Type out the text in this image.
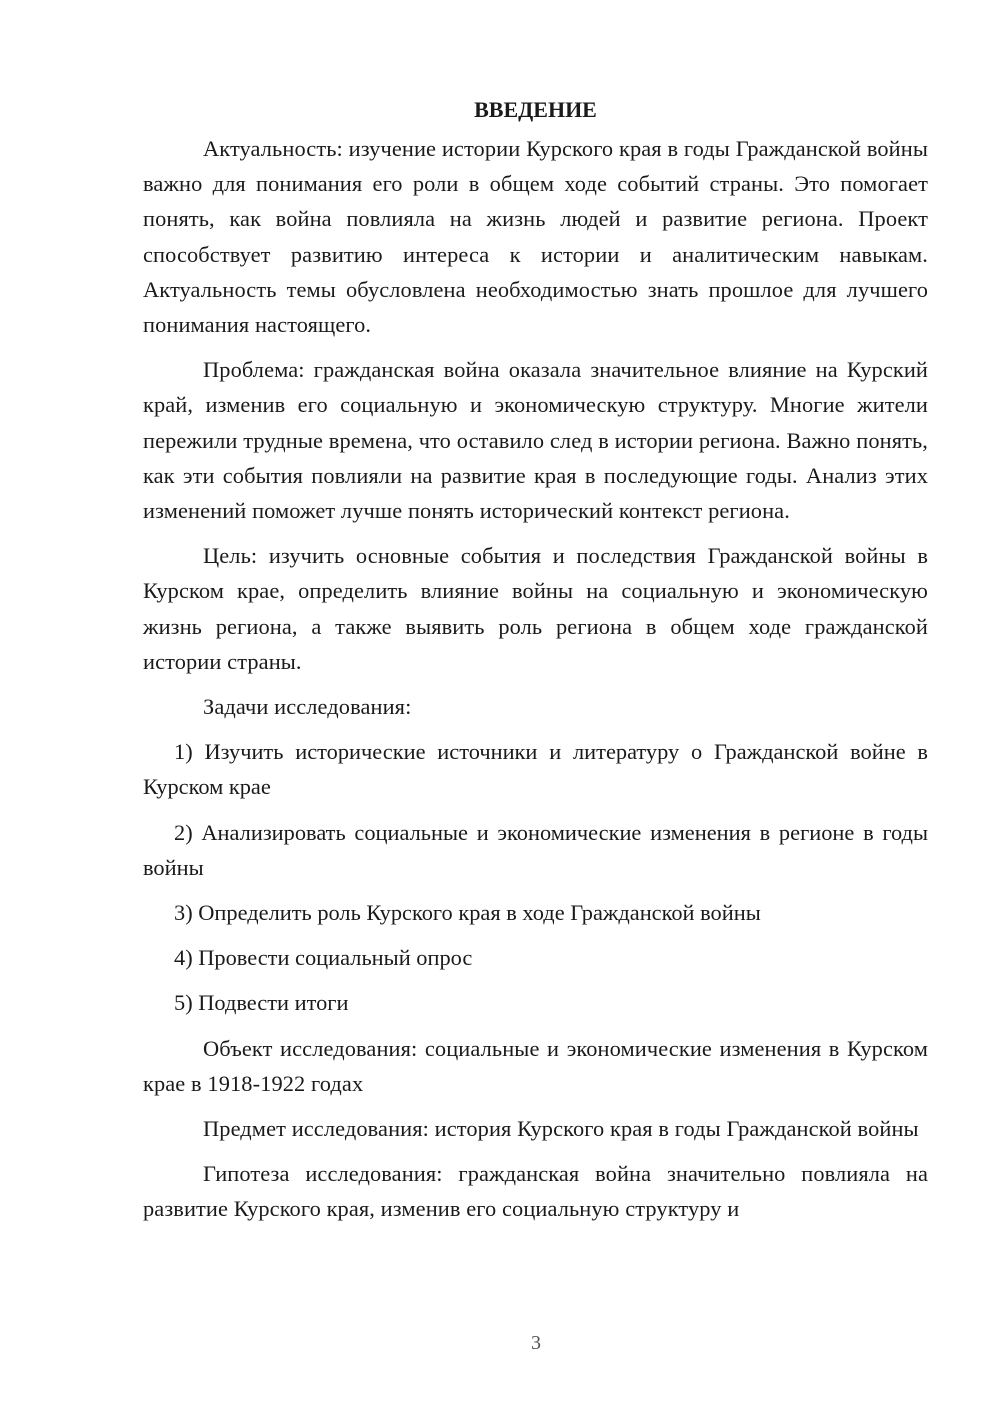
ВВЕДЕНИЕ

Актуальность: изучение истории Курского края в годы Гражданской войны важно для понимания его роли в общем ходе событий страны. Это помогает понять, как война повлияла на жизнь людей и развитие региона. Проект способствует развитию интереса к истории и аналитическим навыкам. Актуальность темы обусловлена необходимостью знать прошлое для лучшего понимания настоящего.

Проблема: гражданская война оказала значительное влияние на Курский край, изменив его социальную и экономическую структуру. Многие жители пережили трудные времена, что оставило след в истории региона. Важно понять, как эти события повлияли на развитие края в последующие годы. Анализ этих изменений поможет лучше понять исторический контекст региона.

Цель: изучить основные события и последствия Гражданской войны в Курском крае, определить влияние войны на социальную и экономическую жизнь региона, а также выявить роль региона в общем ходе гражданской истории страны.

Задачи исследования:

1) Изучить исторические источники и литературу о Гражданской войне в Курском крае

2) Анализировать социальные и экономические изменения в регионе в годы войны

3) Определить роль Курского края в ходе Гражданской войны

4) Провести социальный опрос

5) Подвести итоги

Объект исследования: социальные и экономические изменения в Курском крае в 1918-1922 годах

Предмет исследования: история Курского края в годы Гражданской войны

Гипотеза исследования: гражданская война значительно повлияла на развитие Курского края, изменив его социальную структуру и

3
